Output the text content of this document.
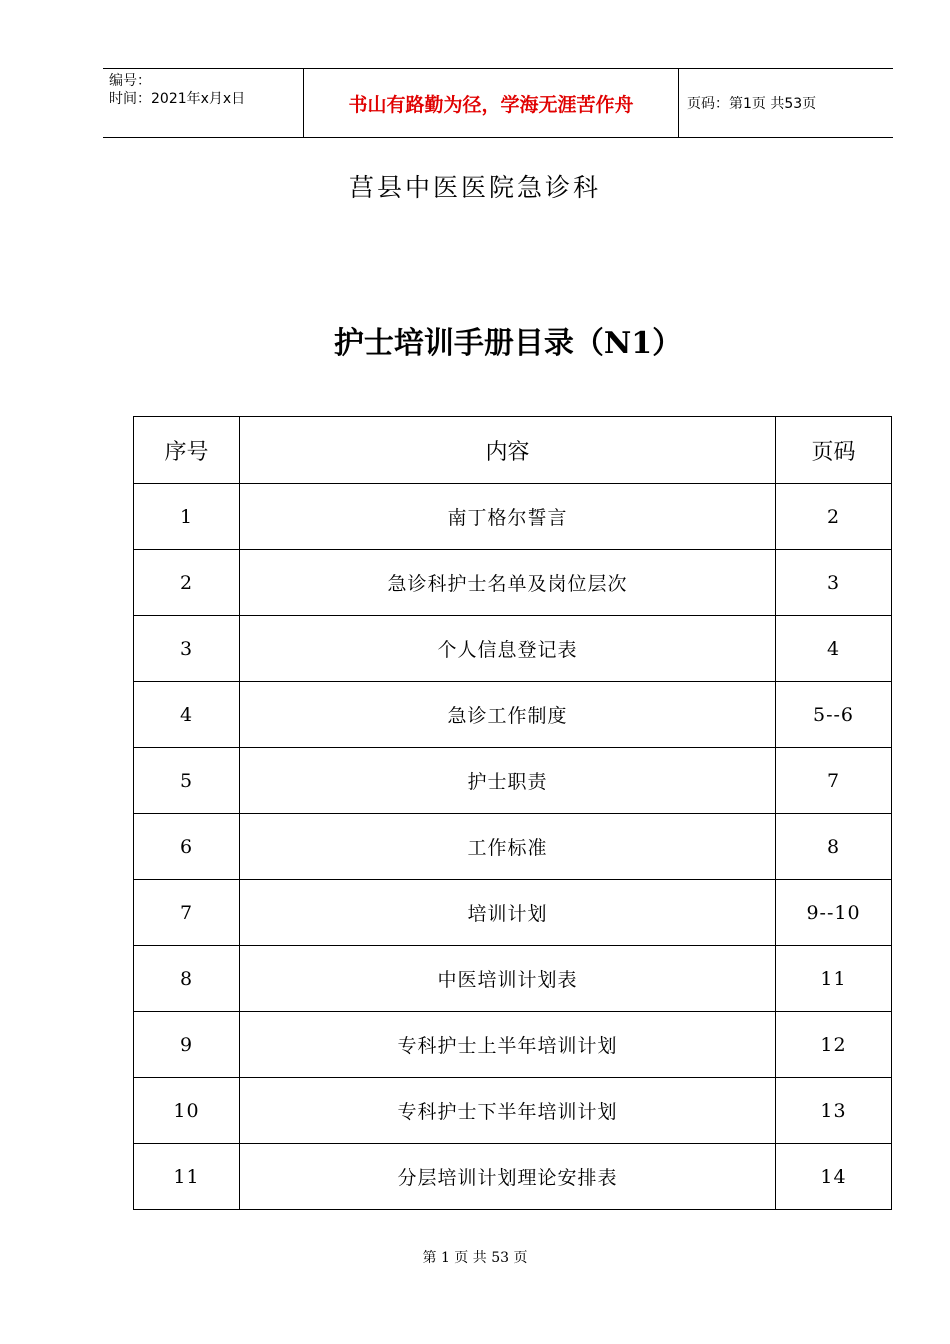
编号：
时间：2021年x月x日	书山有路勤为径，学海无涯苦作舟	页码：第1页 共53页
莒县中医医院急诊科
护士培训手册目录（N1）
序号	内容	页码
1	南丁格尔誓言	2
2	急诊科护士名单及岗位层次	3
3	个人信息登记表	4
4	急诊工作制度	5--6
5	护士职责	7
6	工作标准	8
7	培训计划	9--10
8	中医培训计划表	11
9	专科护士上半年培训计划	12
10	专科护士下半年培训计划	13
11	分层培训计划理论安排表	14
第 1 页 共 53 页
